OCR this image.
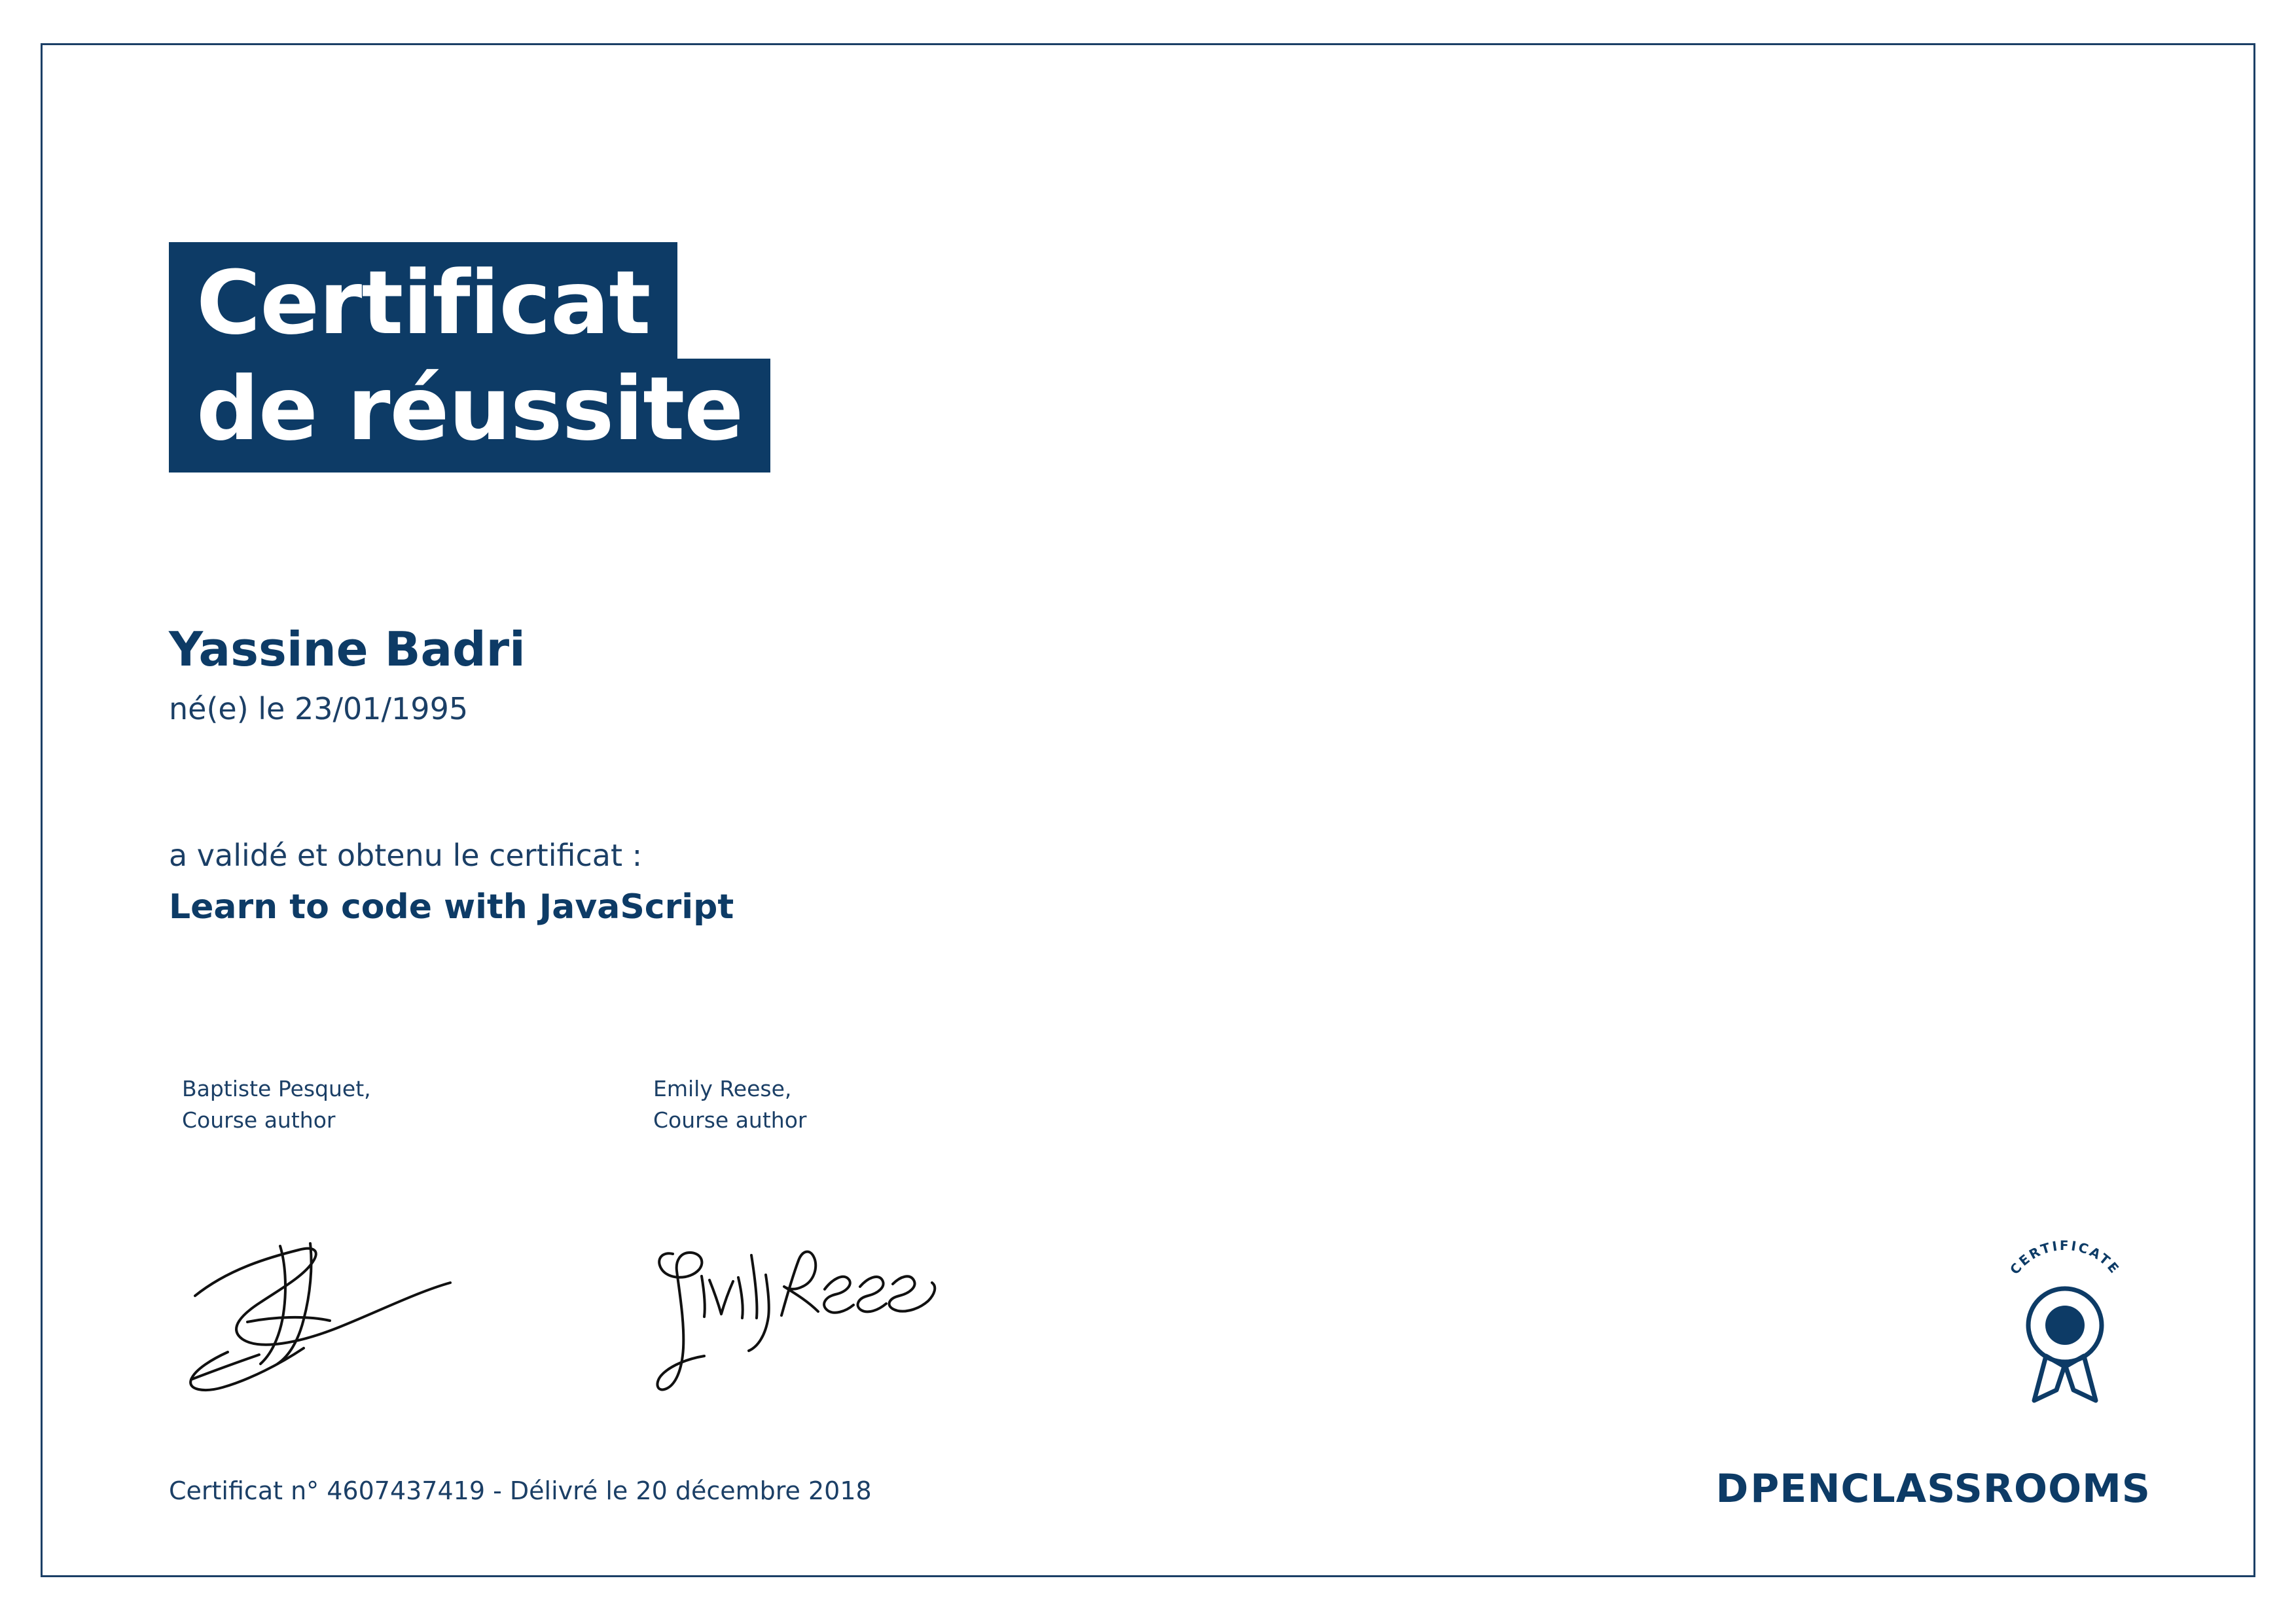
Certificat de réussite
Yassine Badri
né(e) le 23/01/1995
a validé et obtenu le certificat :
Learn to code with JavaScript
Baptiste Pesquet,
Course author
Emily Reese,
Course author
Certificat n° 4607437419 - Délivré le 20 décembre 2018
CERTIFICATE
D PENCLASSROOMS
